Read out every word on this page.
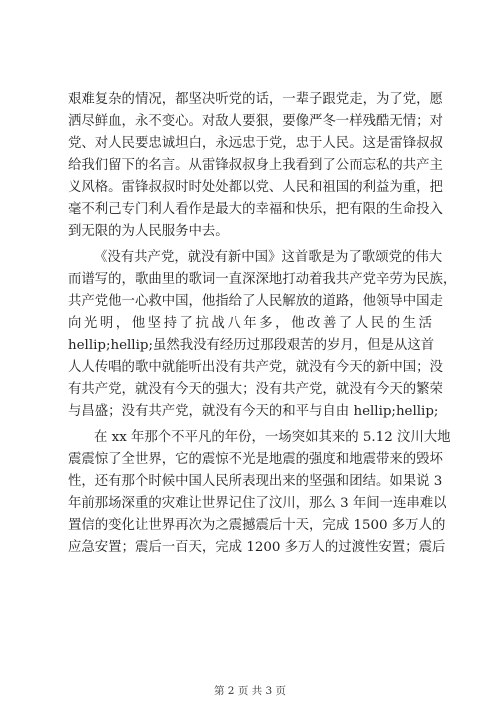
艰难复杂的情况，都坚决听党的话，一辈子跟党走，为了党，愿
洒尽鲜血，永不变心。对敌人要狠，要像严冬一样残酷无情；对
党、对人民要忠诚坦白，永远忠于党，忠于人民。这是雷锋叔叔
给我们留下的名言。从雷锋叔叔身上我看到了公而忘私的共产主
义风格。雷锋叔叔时时处处都以党、人民和祖国的利益为重，把
毫不利己专门利人看作是最大的幸福和快乐，把有限的生命投入
到无限的为人民服务中去。

《没有共产党，就没有新中国》这首歌是为了歌颂党的伟大
而谱写的，歌曲里的歌词一直深深地打动着我共产党辛劳为民族，
共产党他一心救中国，他指给了人民解放的道路，他领导中国走
向光明，他坚持了抗战八年多，他改善了人民的生活
hellip;hellip;虽然我没有经历过那段艰苦的岁月，但是从这首
人人传唱的歌中就能听出没有共产党，就没有今天的新中国；没
有共产党，就没有今天的强大；没有共产党，就没有今天的繁荣
与昌盛；没有共产党，就没有今天的和平与自由 hellip;hellip;

在 xx 年那个不平凡的年份，一场突如其来的 5.12 汶川大地
震震惊了全世界，它的震惊不光是地震的强度和地震带来的毁坏
性，还有那个时候中国人民所表现出来的坚强和团结。如果说 3
年前那场深重的灾难让世界记住了汶川，那么 3 年间一连串难以
置信的变化让世界再次为之震撼震后十天，完成 1500 多万人的
应急安置；震后一百天，完成 1200 多万人的过渡性安置；震后

第 2 页 共 3 页
